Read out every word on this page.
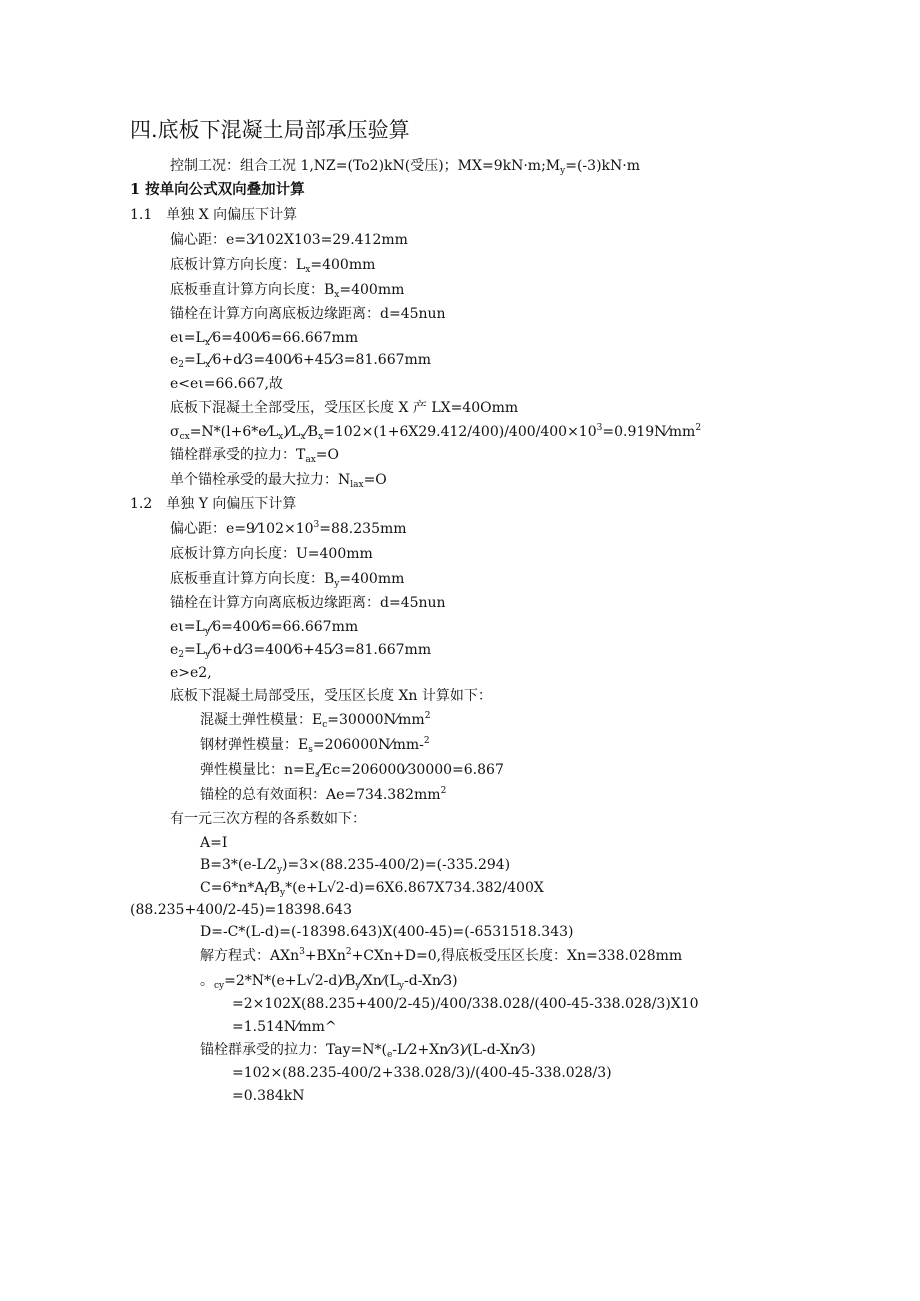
四.底板下混凝土局部承压验算
控制工况：组合工况 1,NZ=(To2)kN(受压)；$MX=9kN\cdot m;M_y=(-3)kN\cdot m$
1 按单向公式双向叠加计算
1.1　单独 X 向偏压下计算
偏心距：e=3⁄102X103=29.412mm
底板计算方向长度：$L_x=400mm$
底板垂直计算方向长度：$B_x=400mm$
锚栓在计算方向离底板边缘距离：d=45nun
$e\iota=L_x⁄6=400⁄6=66.667mm$
$e_2=L_x⁄6+d⁄3=400⁄6+45⁄3=81.667mm$
e<eι=66.667,故
底板下混凝土全部受压，受压区长度 X 产 LX=40Omm
$\sigma_{cx}=N*(l+6*e⁄L_x)⁄L_x⁄B_x=102\times(1+6X29.412/400)/400/400\times 10^3=0.919N⁄mm^2$
锚栓群承受的拉力：$T_{ax}=O$
单个锚栓承受的最大拉力：$N_{lax}=O$
1.2　单独 Y 向偏压下计算
偏心距：$e=9⁄102\times 10^3=88.235mm$
底板计算方向长度：U=400mm
底板垂直计算方向长度：$B_y=400mm$
锚栓在计算方向离底板边缘距离：d=45nun
$e\iota=L_y⁄6=400⁄6=66.667mm$
$e_2=L_y⁄6+d⁄3=400⁄6+45⁄3=81.667mm$
e>e2,
底板下混凝土局部受压，受压区长度 Xn 计算如下：
混凝土弹性模量：$E_c=30000N⁄mm^2$
钢材弹性模量：$E_s=206000N⁄mm-^2$
弹性模量比：$n=E_s⁄Ec=206000⁄30000=6.867$
锚栓的总有效面积：$Ae=734.382mm^2$
有一元三次方程的各系数如下：
A=I
$B=3*(e-L⁄2_y)=3\times(88.235-400/2)=(-335.294)$
$C=6*n*A_l⁄B_y*(e+L√2-d)=6X6.867X734.382/400X$
(88.235+400/2-45)=18398.643
D=-C*(L-d)=(-18398.643)X(400-45)=(-6531518.343)
解方程式：AXn$^3$+BXn$^2$+CXn+D=0,得底板受压区长度：Xn=338.028mm
。$_{cy}=2*N*(e+L√2-d)⁄B_y⁄Xn⁄(L_y-d-Xn⁄3)$
=2×102X(88.235+400/2-45)/400/338.028/(400-45-338.028/3)X10
=1.514N⁄mm^
锚栓群承受的拉力：$Tay=N*(_e-L⁄2+Xn⁄3)⁄(L-d-Xn⁄3)$
=102×(88.235-400/2+338.028/3)/(400-45-338.028/3)
=0.384kN
